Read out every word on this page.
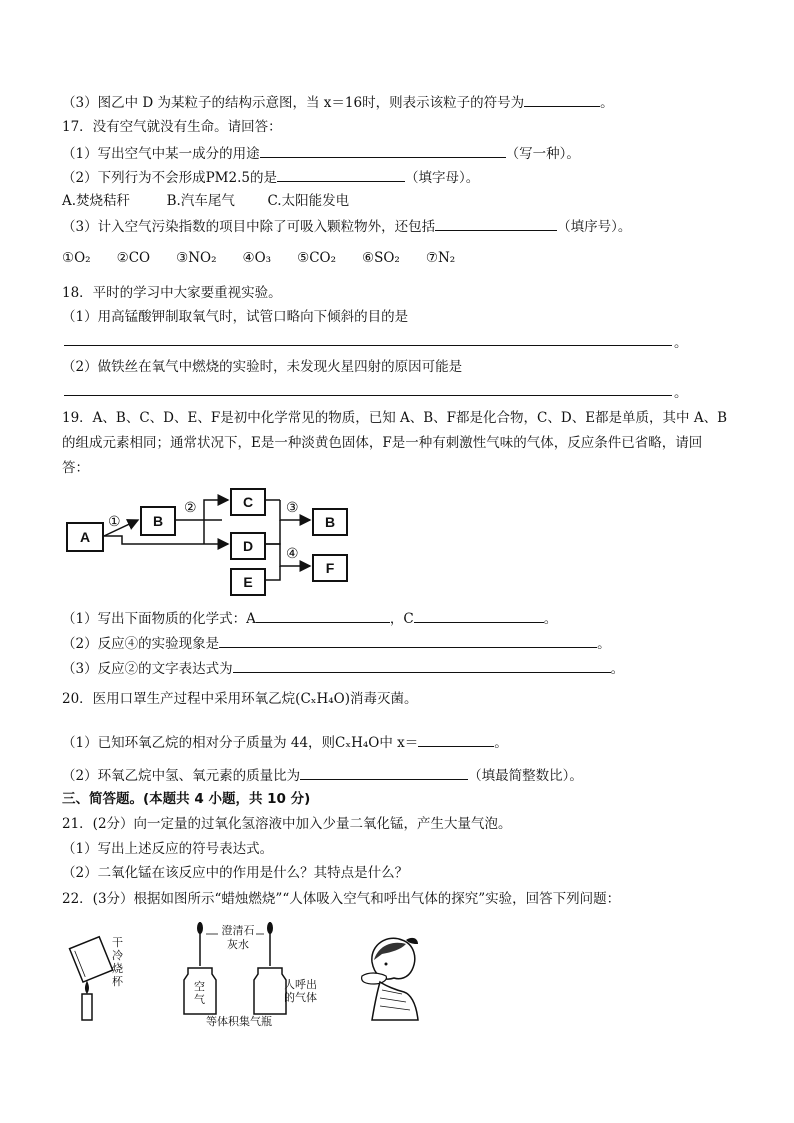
（3）图乙中 D 为某粒子的结构示意图，当 x＝16时，则表示该粒子的符号为	。
17．没有空气就没有生命。请回答：
（1）写出空气中某一成分的用途	（写一种）。
（2）下列行为不会形成PM2.5的是	（填字母）。
A.焚烧秸秆	B.汽车尾气 C.太阳能发电
（3）计入空气污染指数的项目中除了可吸入颗粒物外，还包括	（填序号）。
①O₂ ②CO ③NO₂ ④O₃ ⑤CO₂ ⑥SO₂ ⑦N₂
18．平时的学习中大家要重视实验。
（1）用高锰酸钾制取氧气时，试管口略向下倾斜的目的是
。
（2）做铁丝在氧气中燃烧的实验时，未发现火星四射的原因可能是
。
19．A、B、C、D、E、F是初中化学常见的物质，已知 A、B、F都是化合物，C、D、E都是单质，其中 A、B
的组成元素相同；通常状况下，E是一种淡黄色固体，F是一种有刺激性气味的气体，反应条件已省略，请回
答：
A
B
C
D
E
B
F
①
②	③
④
（1）写出下面物质的化学式：A	，C	。
（2）反应④的实验现象是	。
（3）反应②的文字表达式为	。
20．医用口罩生产过程中采用环氧乙烷(CₓH₄O)消毒灭菌。
（1）已知环氧乙烷的相对分子质量为 44，则CₓH₄O中 x＝	。
（2）环氧乙烷中氢、氧元素的质量比为	（填最简整数比）。
三、简答题。(本题共 4 小题，共 10 分)
21．(2分）向一定量的过氧化氢溶液中加入少量二氧化锰，产生大量气泡。
（1）写出上述反应的符号表达式。
（2）二氧化锰在该反应中的作用是什么？其特点是什么？
22．(3分）根据如图所示“蜡烛燃烧”“人体吸入空气和呼出气体的探究”实验，回答下列问题：
干冷烧杯
澄清石灰水
空气
人呼出的气体
等体积集气瓶
